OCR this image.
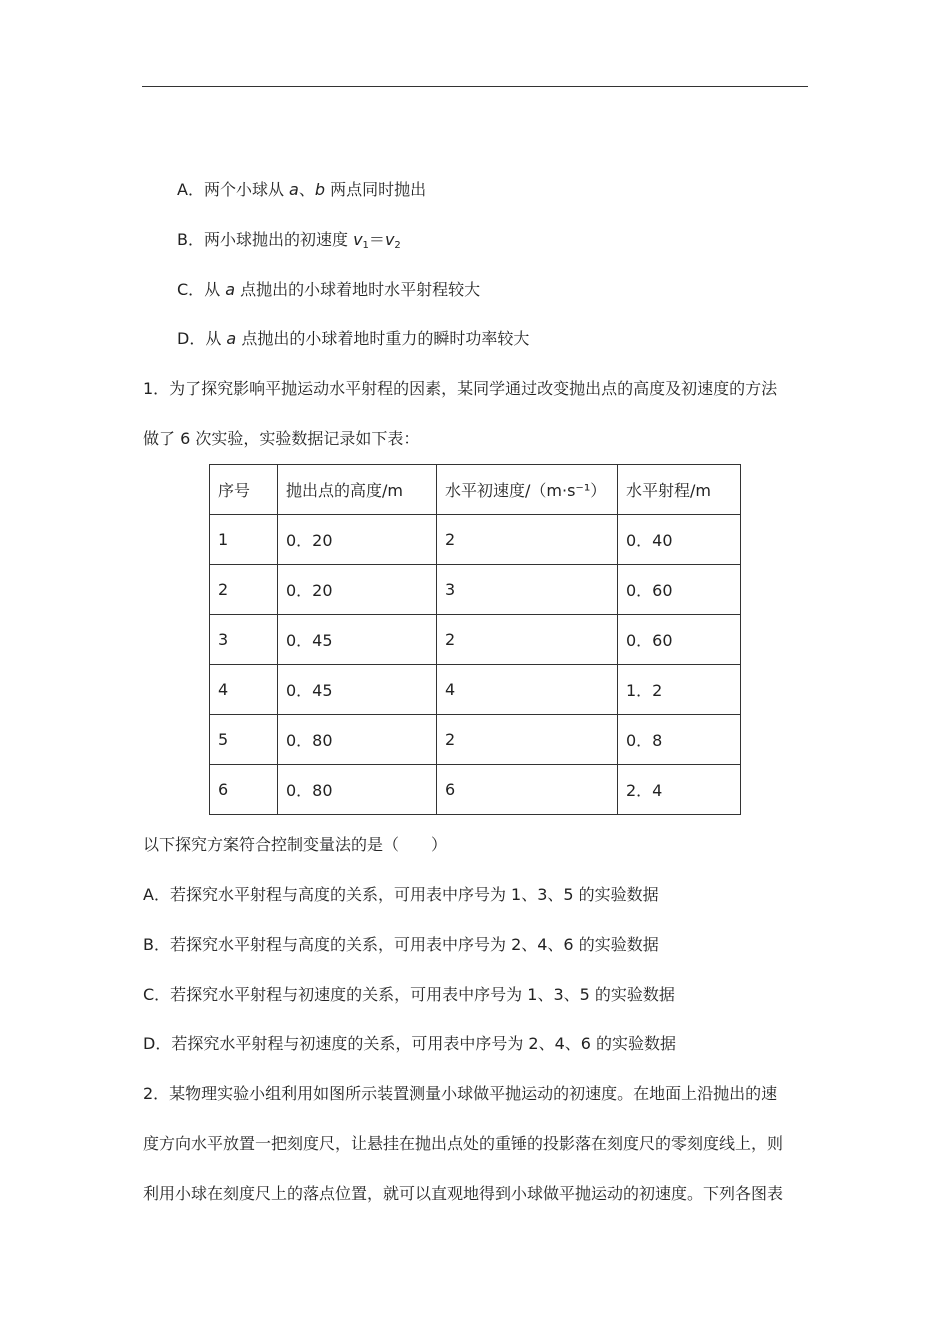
A．两个小球从 a、b 两点同时抛出
B．两小球抛出的初速度 $v_1=v_2$
C．从 a 点抛出的小球着地时水平射程较大
D．从 a 点抛出的小球着地时重力的瞬时功率较大
1．为了探究影响平抛运动水平射程的因素，某同学通过改变抛出点的高度及初速度的方法
做了 6 次实验，实验数据记录如下表：
序号	抛出点的高度/m	水平初速度/（m·s⁻¹）	水平射程/m
1	0．20	2	0．40
2	0．20	3	0．60
3	0．45	2	0．60
4	0．45	4	1．2
5	0．80	2	0．8
6	0．80	6	2．4
以下探究方案符合控制变量法的是（　　）
A．若探究水平射程与高度的关系，可用表中序号为 1、3、5 的实验数据
B．若探究水平射程与高度的关系，可用表中序号为 2、4、6 的实验数据
C．若探究水平射程与初速度的关系，可用表中序号为 1、3、5 的实验数据
D．若探究水平射程与初速度的关系，可用表中序号为 2、4、6 的实验数据
2．某物理实验小组利用如图所示装置测量小球做平抛运动的初速度。在地面上沿抛出的速
度方向水平放置一把刻度尺，让悬挂在抛出点处的重锤的投影落在刻度尺的零刻度线上，则
利用小球在刻度尺上的落点位置，就可以直观地得到小球做平抛运动的初速度。下列各图表
